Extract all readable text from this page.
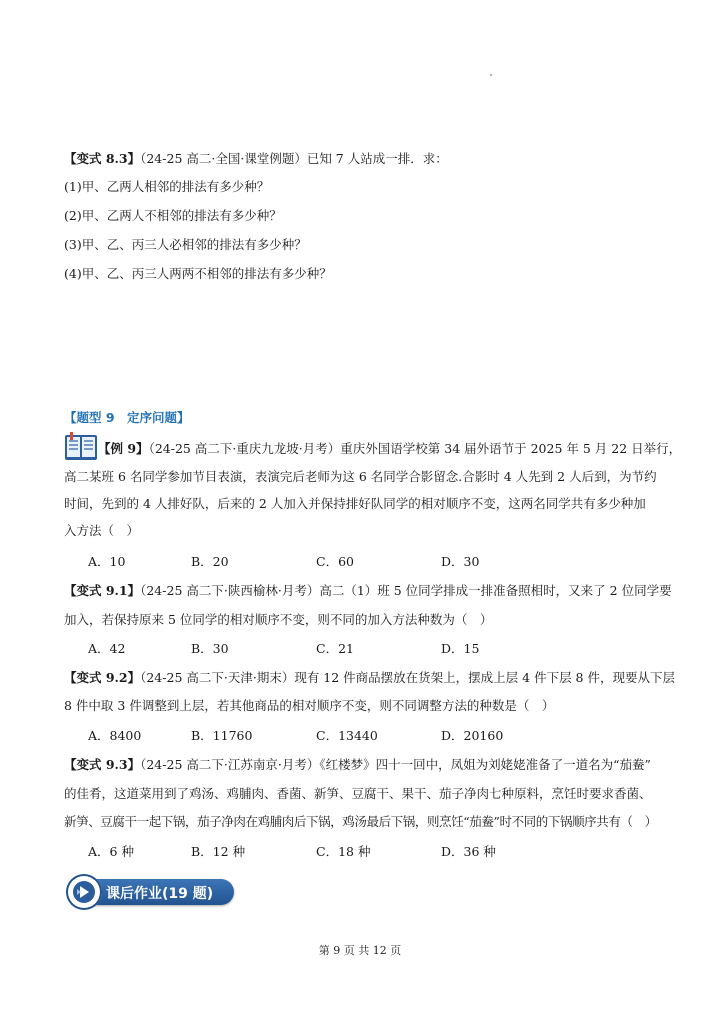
【变式 8.3】（24-25 高二·全国·课堂例题）已知 7 人站成一排．求：
(1)甲、乙两人相邻的排法有多少种？
(2)甲、乙两人不相邻的排法有多少种？
(3)甲、乙、丙三人必相邻的排法有多少种？
(4)甲、乙、丙三人两两不相邻的排法有多少种？
【题型 9　定序问题】
【例 9】（24-25 高二下·重庆九龙坡·月考）重庆外国语学校第 34 届外语节于 2025 年 5 月 22 日举行，
高二某班 6 名同学参加节目表演，表演完后老师为这 6 名同学合影留念.合影时 4 人先到 2 人后到，为节约
时间，先到的 4 人排好队，后来的 2 人加入并保持排好队同学的相对顺序不变，这两名同学共有多少种加
入方法（　）
A．10	B．20	C．60	D．30
【变式 9.1】（24-25 高二下·陕西榆林·月考）高二（1）班 5 位同学排成一排准备照相时，又来了 2 位同学要
加入，若保持原来 5 位同学的相对顺序不变，则不同的加入方法种数为（　）
A．42	B．30	C．21	D．15
【变式 9.2】（24-25 高二下·天津·期末）现有 12 件商品摆放在货架上，摆成上层 4 件下层 8 件，现要从下层
8 件中取 3 件调整到上层，若其他商品的相对顺序不变，则不同调整方法的种数是（　）
A．8400	B．11760	C．13440	D．20160
【变式 9.3】（24-25 高二下·江苏南京·月考）《红楼梦》四十一回中，凤姐为刘姥姥准备了一道名为“茄鲞”
的佳肴，这道菜用到了鸡汤、鸡脯肉、香菌、新笋、豆腐干、果干、茄子净肉七种原料，烹饪时要求香菌、
新笋、豆腐干一起下锅，茄子净肉在鸡脯肉后下锅，鸡汤最后下锅，则烹饪“茄鲞”时不同的下锅顺序共有（　）
A．6 种	B．12 种	C．18 种	D．36 种
课后作业(19 题)
第 9 页 共 12 页
